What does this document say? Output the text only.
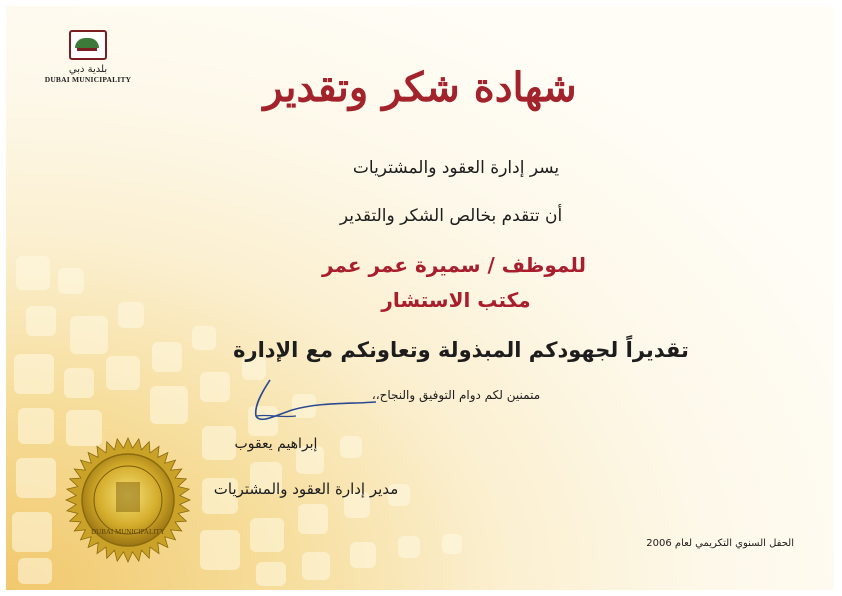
بلدية دبي
DUBAI MUNICIPALITY	شهادة شكر وتقدير
يسر إدارة العقود والمشتريات
أن تتقدم بخالص الشكر والتقدير
للموظف / سميرة عمر عمر
مكتب الاستشار
تقديراً لجهودكم المبذولة وتعاونكم مع الإدارة
متمنين لكم دوام التوفيق والنجاح،،
إبراهيم يعقوب
مدير إدارة العقود والمشتريات
الحفل السنوي التكريمي لعام 2006
DUBAI MUNICIPALITY
